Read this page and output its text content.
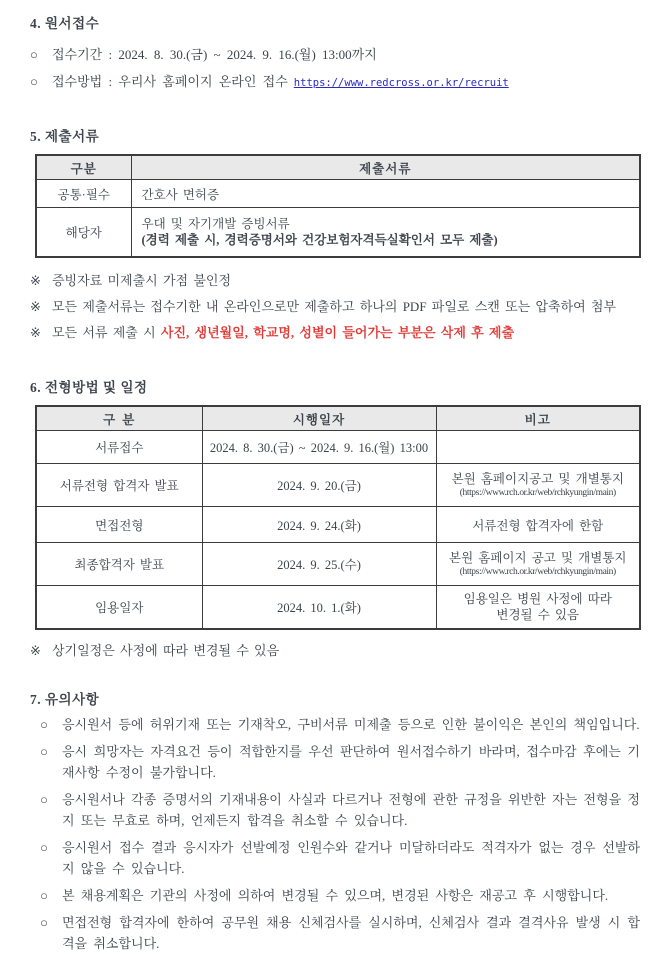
4. 원서접수

○	접수기간 : 2024. 8. 30.(금) ~ 2024. 9. 16.(월) 13:00까지
○	접수방법 : 우리사 홈페이지 온라인 접수 https://www.redcross.or.kr/recruit

5. 제출서류

구분	제출서류
공통·필수	간호사 면허증
해당자	우대 및 자기개발 증빙서류
(경력 제출 시, 경력증명서와 건강보험자격득실확인서 모두 제출)
※ 증빙자료 미제출시 가점 불인정
※ 모든 제출서류는 접수기한 내 온라인으로만 제출하고 하나의 PDF 파일로 스캔 또는 압축하여 첨부
※ 모든 서류 제출 시 사진, 생년월일, 학교명, 성별이 들어가는 부분은 삭제 후 제출

6. 전형방법 및 일정

구 분	시행일자	비고
서류접수	2024. 8. 30.(금) ~ 2024. 9. 16.(월) 13:00	
서류전형 합격자 발표	2024. 9. 20.(금)	본원 홈페이지공고 및 개별통지
(https://www.rch.or.kr/web/rchkyungin/main)

면접전형	2024. 9. 24.(화)	서류전형 합격자에 한함
최종합격자 발표	2024. 9. 25.(수)	본원 홈페이지 공고 및 개별통지
(https://www.rch.or.kr/web/rchkyungin/main)

임용일자	2024. 10. 1.(화)	임용일은 병원 사정에 따라
변경될 수 있음
※ 상기일정은 사정에 따라 변경될 수 있음

7. 유의사항

○	응시원서 등에 허위기재 또는 기재착오, 구비서류 미제출 등으로 인한 불이익은 본인의 책임입니다.
○	응시 희망자는 자격요건 등이 적합한지를 우선 판단하여 원서접수하기 바라며, 접수마감 후에는 기재사항 수정이 불가합니다.
○	응시원서나 각종 증명서의 기재내용이 사실과 다르거나 전형에 관한 규정을 위반한 자는 전형을 정지 또는 무효로 하며, 언제든지 합격을 취소할 수 있습니다.
○	응시원서 접수 결과 응시자가 선발예정 인원수와 같거나 미달하더라도 적격자가 없는 경우 선발하지 않을 수 있습니다.
○	본 채용계획은 기관의 사정에 의하여 변경될 수 있으며, 변경된 사항은 재공고 후 시행합니다.
○	면접전형 합격자에 한하여 공무원 채용 신체검사를 실시하며, 신체검사 결과 결격사유 발생 시 합격을 취소합니다.
